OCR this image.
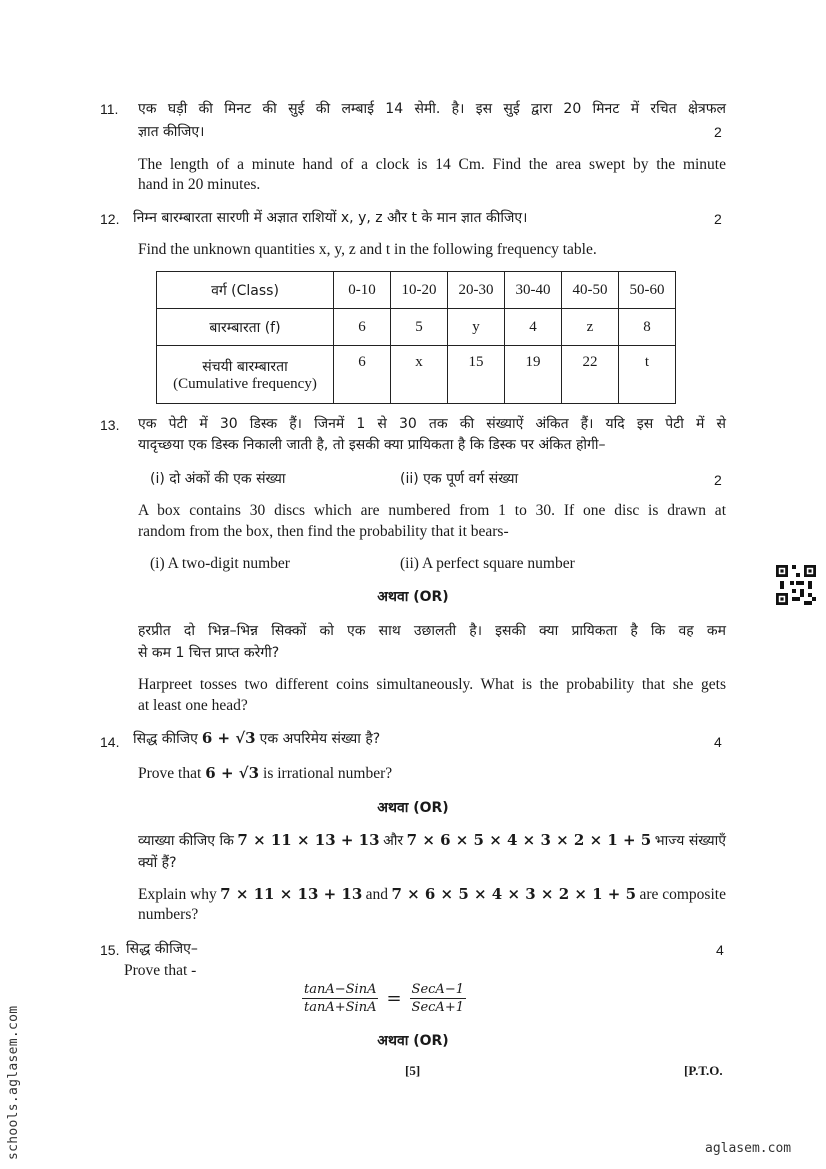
11. एक घड़ी की मिनट की सुई की लम्बाई 14 सेमी. है। इस सुई द्वारा 20 मिनट में रचित क्षेत्रफल
ज्ञात कीजिए।	2
The length of a minute hand of a clock is 14 Cm. Find the area swept by the minute
hand in 20 minutes.
12. निम्न बारम्बारता सारणी में अज्ञात राशियों x, y, z और t के मान ज्ञात कीजिए।	2
Find the unknown quantities x, y, z and t in the following frequency table.
वर्ग (Class)	0-10	10-20	20-30	30-40	40-50	50-60
बारम्बारता (f)	6	5	y	4	z	8

संचयी बारम्बारता
(Cumulative frequency)	6	x	15	19	22	t
13. एक पेटी में 30 डिस्क हैं। जिनमें 1 से 30 तक की संख्याऐं अंकित हैं। यदि इस पेटी में से
यादृच्छया एक डिस्क निकाली जाती है, तो इसकी क्या प्रायिकता है कि डिस्क पर अंकित होगी–
(i) दो अंकों की एक संख्या	(ii) एक पूर्ण वर्ग संख्या	2
A box contains 30 discs which are numbered from 1 to 30. If one disc is drawn at
random from the box, then find the probability that it bears-
(i) A two-digit number	(ii) A perfect square number
अथवा (OR)
हरप्रीत दो भिन्न–भिन्न सिक्कों को एक साथ उछालती है। इसकी क्या प्रायिकता है कि वह कम
से कम 1 चित्त प्राप्त करेगी?
Harpreet tosses two different coins simultaneously. What is the probability that she gets
at least one head?
14. सिद्ध कीजिए 6 + √3 एक अपरिमेय संख्या है?	4
Prove that 6 + √3 is irrational number?
अथवा (OR)
व्याख्या कीजिए कि 7 × 11 × 13 + 13 और 7 × 6 × 5 × 4 × 3 × 2 × 1 + 5 भाज्य संख्याएँ
क्यों हैं?
Explain why 7 × 11 × 13 + 13 and 7 × 6 × 5 × 4 × 3 × 2 × 1 + 5 are composite
numbers?
15. सिद्ध कीजिए–	4
Prove that -
$\frac{\text{tanA−SinA}}{\text{tanA+SinA}} = \frac{\text{SecA−1}}{\text{SecA+1}}$
अथवा (OR)
[5]	[P.T.O.
aglasem.com
schools.aglasem.com
